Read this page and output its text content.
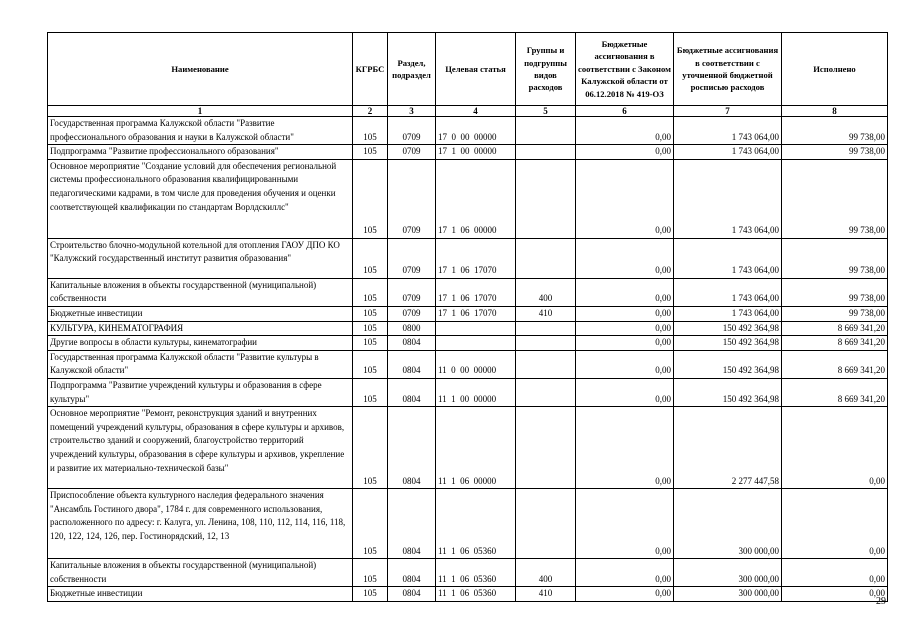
Наименование	КГРБС	Раздел, подраздел	Целевая статья	Группы и подгруппы видов расходов	Бюджетные ассигнования в соответствии с Законом Калужской области от 06.12.2018 № 419-ОЗ	Бюджетные ассигнования в соответствии с уточненной бюджетной росписью расходов	Исполнено
1	2	3	4	5	6	7	8
Государственная программа Калужской области "Развитие профессионального образования и науки в Калужской области"	105	0709	17  0  00  00000		0,00	1 743 064,00	99 738,00
Подпрограмма "Развитие профессионального образования"	105	0709	17  1  00  00000		0,00	1 743 064,00	99 738,00
Основное мероприятие "Создание условий для обеспечения региональной системы профессионального образования квалифицированными педагогическими кадрами, в том числе для проведения обучения и оценки соответствующей квалификации по стандартам Ворлдскиллс"	105	0709	17  1  06  00000		0,00	1 743 064,00	99 738,00
Строительство блочно-модульной котельной для отопления ГАОУ ДПО КО "Калужский государственный институт развития образования"	105	0709	17  1  06  17070		0,00	1 743 064,00	99 738,00
Капитальные вложения в объекты государственной (муниципальной) собственности	105	0709	17  1  06  17070	400	0,00	1 743 064,00	99 738,00
Бюджетные инвестиции	105	0709	17  1  06  17070	410	0,00	1 743 064,00	99 738,00
КУЛЬТУРА, КИНЕМАТОГРАФИЯ	105	0800			0,00	150 492 364,98	8 669 341,20
Другие вопросы в области культуры, кинематографии	105	0804			0,00	150 492 364,98	8 669 341,20
Государственная программа Калужской области "Развитие культуры в Калужской области"	105	0804	11  0  00  00000		0,00	150 492 364,98	8 669 341,20
Подпрограмма "Развитие учреждений культуры и образования в сфере культуры"	105	0804	11  1  00  00000		0,00	150 492 364,98	8 669 341,20
Основное мероприятие "Ремонт, реконструкция зданий и внутренних помещений учреждений культуры, образования в сфере культуры и архивов, строительство зданий и сооружений, благоустройство территорий учреждений культуры, образования в сфере культуры и архивов, укрепление и развитие их материально-технической базы"	105	0804	11  1  06  00000		0,00	2 277 447,58	0,00
Приспособление объекта культурного наследия федерального значения "Ансамбль Гостиного двора", 1784 г. для современного использования, расположенного по адресу: г. Калуга, ул. Ленина, 108, 110, 112, 114, 116, 118, 120, 122, 124, 126, пер. Гостинорядский, 12, 13	105	0804	11  1  06  05360		0,00	300 000,00	0,00
Капитальные вложения в объекты государственной (муниципальной) собственности	105	0804	11  1  06  05360	400	0,00	300 000,00	0,00
Бюджетные инвестиции	105	0804	11  1  06  05360	410	0,00	300 000,00	0,00
29
